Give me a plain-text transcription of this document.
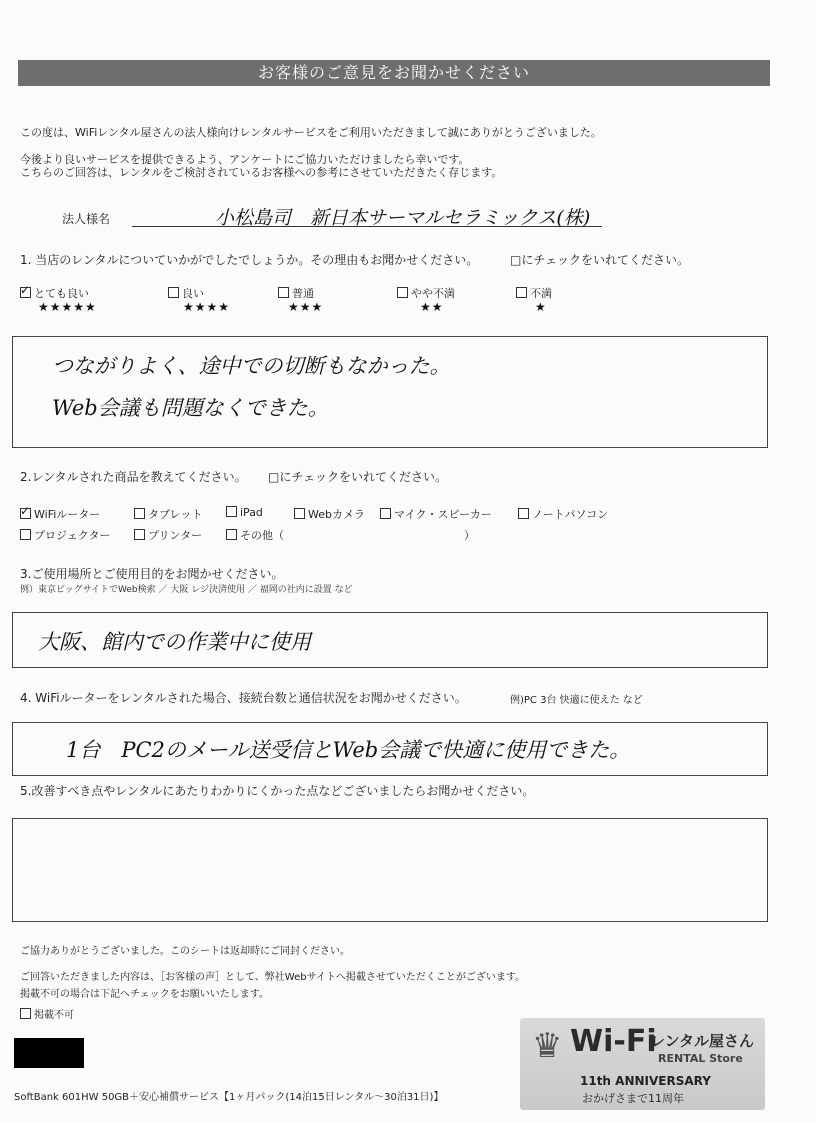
お客様のご意見をお聞かせください
この度は、WiFiレンタル屋さんの法人様向けレンタルサービスをご利用いただきまして誠にありがとうございました。
今後より良いサービスを提供できるよう、アンケートにご協力いただけましたら幸いです。
こちらのご回答は、レンタルをご検討されているお客様への参考にさせていただきたく存じます。
法人様名	小松島司　新日本サーマルセラミックス(株)
1. 当店のレンタルについていかがでしたでしょうか。その理由もお聞かせください。	□にチェックをいれてください。
✓とても良い
★★★★★
良い
★★★★
普通
★★★
やや不満
★★
不満
★
つながりよく、途中での切断もなかった。
Web会議も問題なくできた。
2.レンタルされた商品を教えてください。 □にチェックをいれてください。
✓WiFiルーター	タブレット	iPad	Webカメラ	マイク・スピーカー	ノートパソコン
プロジェクター	プリンター	その他（	）
3.ご使用場所とご使用目的をお聞かせください。
例）東京ビッグサイトでWeb検索 ／ 大阪 レジ決済使用 ／ 福岡の社内に設置 など
大阪、館内での作業中に使用
4. WiFiルーターをレンタルされた場合、接続台数と通信状況をお聞かせください。	例)PC 3台 快適に使えた など
1台　PC2のメール送受信とWeb会議で快適に使用できた。
5.改善すべき点やレンタルにあたりわかりにくかった点などございましたらお聞かせください。
ご協力ありがとうございました。このシートは返却時にご同封ください。
ご回答いただきました内容は、［お客様の声］として、弊社Webサイトへ掲載させていただくことがございます。
掲載不可の場合は下記へチェックをお願いいたします。
掲載不可
SoftBank 601HW 50GB＋安心補償サービス【1ヶ月パック(14泊15日レンタル～30泊31日)】
♛ Wi-Fi
レンタル屋さん
RENTAL Store
11th ANNIVERSARY
おかげさまで11周年
